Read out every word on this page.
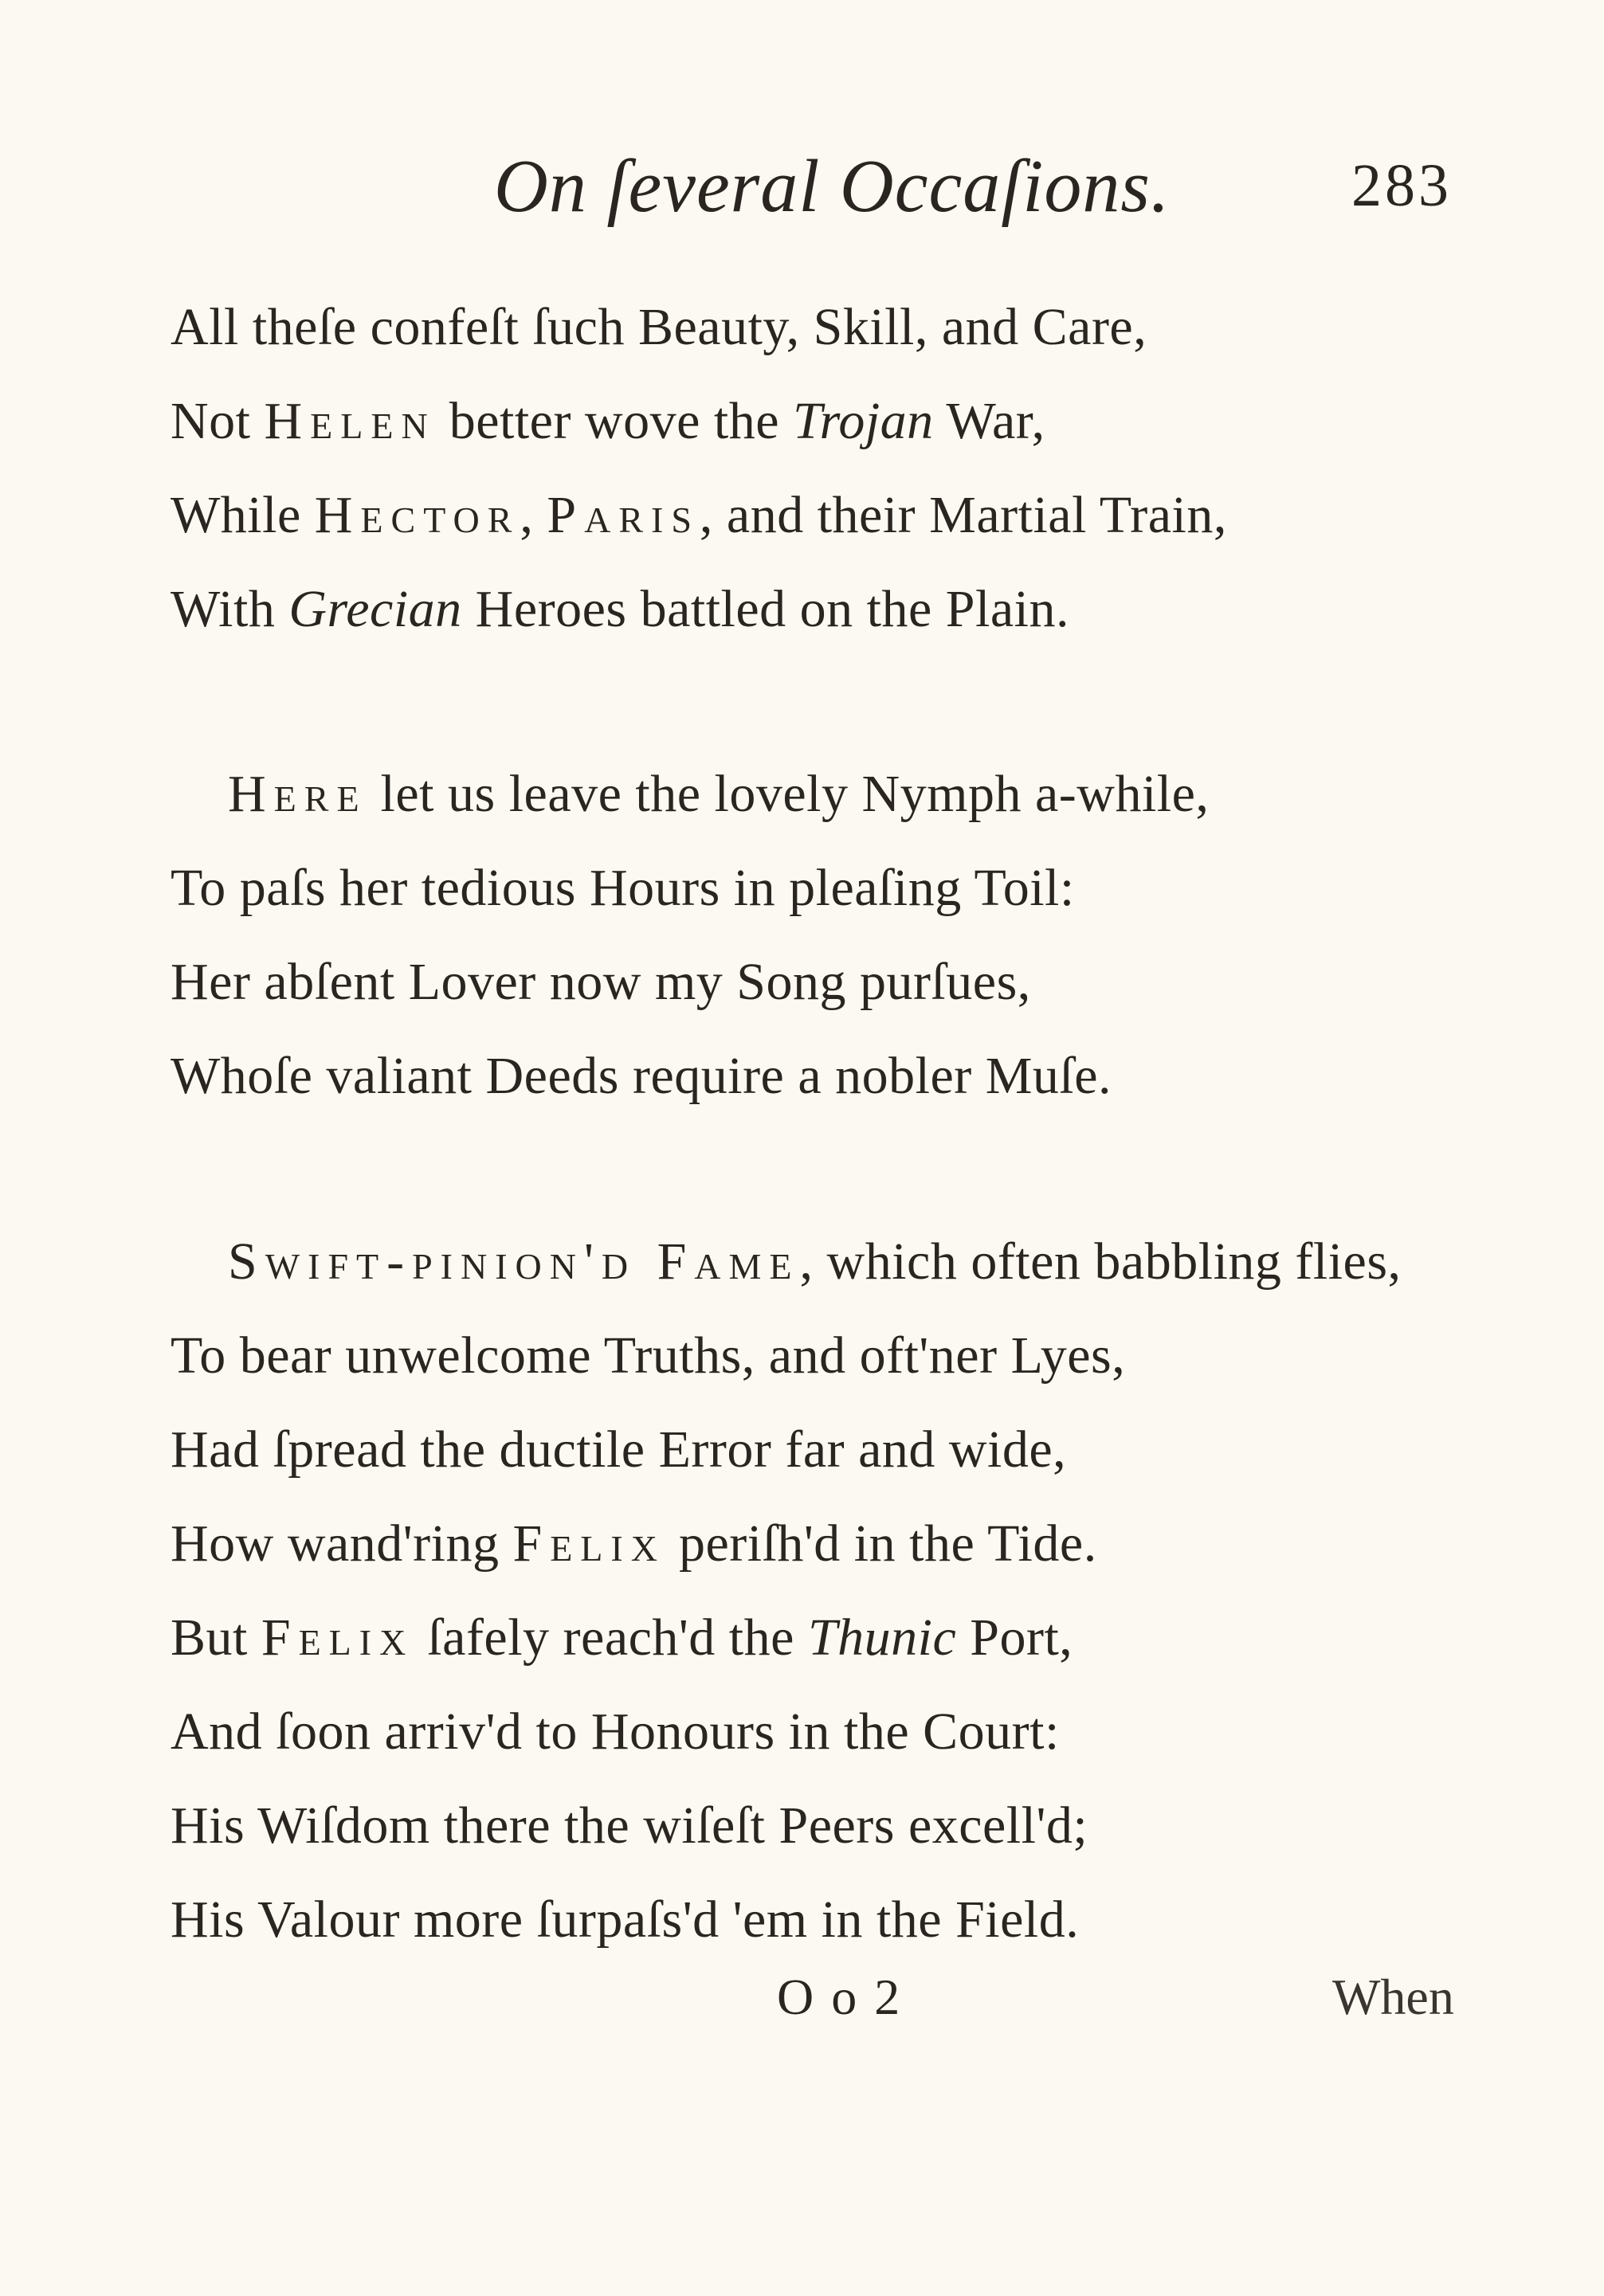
On ſeveral Occaſions.	283
All theſe confeſt ſuch Beauty, Skill, and Care,
Not Helen better wove the Trojan War,
While Hector, Paris, and their Martial Train,
With Grecian Heroes battled on the Plain.
Here let us leave the lovely Nymph a-while,
To paſs her tedious Hours in pleaſing Toil:
Her abſent Lover now my Song purſues,
Whoſe valiant Deeds require a nobler Muſe.
Swift-pinion'd Fame, which often babbling flies,
To bear unwelcome Truths, and oft'ner Lyes,
Had ſpread the ductile Error far and wide,
How wand'ring Felix periſh'd in the Tide.
But Felix ſafely reach'd the Thunic Port,
And ſoon arriv'd to Honours in the Court:
His Wiſdom there the wiſeſt Peers excell'd;
His Valour more ſurpaſs'd 'em in the Field.
Oo2	When
